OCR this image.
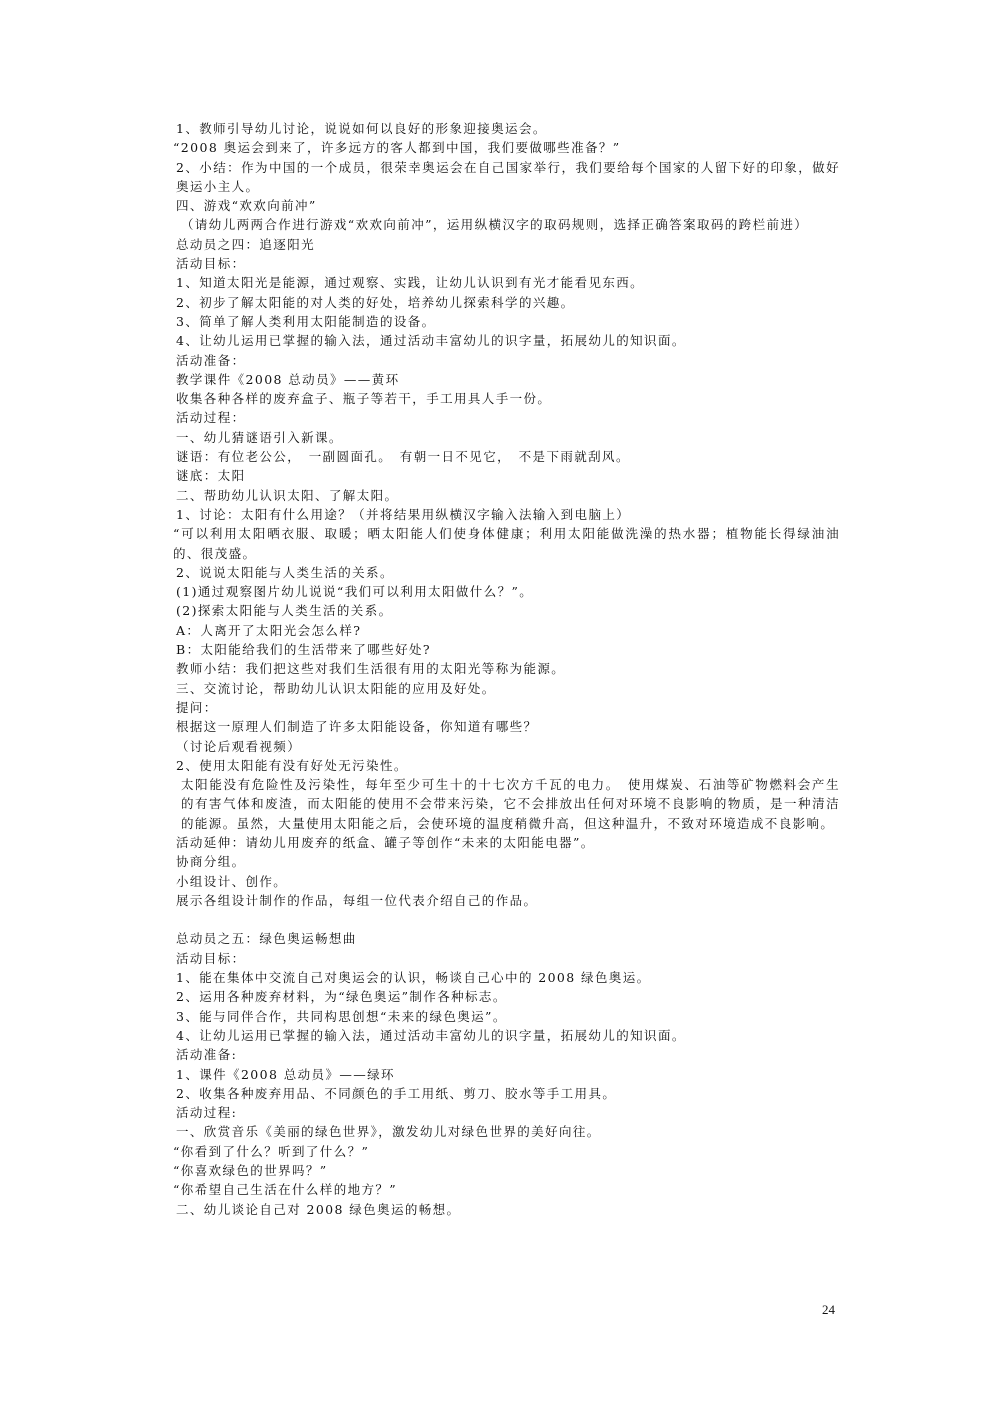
1、教师引导幼儿讨论，说说如何以良好的形象迎接奥运会。
“2008 奥运会到来了，许多远方的客人都到中国，我们要做哪些准备？”
2、小结：作为中国的一个成员，很荣幸奥运会在自己国家举行，我们要给每个国家的人留下好的印象，做好奥运小主人。
四、游戏“欢欢向前冲”
（请幼儿两两合作进行游戏“欢欢向前冲”，运用纵横汉字的取码规则，选择正确答案取码的跨栏前进）
总动员之四：追逐阳光
活动目标：
1、知道太阳光是能源，通过观察、实践，让幼儿认识到有光才能看见东西。
2、初步了解太阳能的对人类的好处，培养幼儿探索科学的兴趣。
3、简单了解人类利用太阳能制造的设备。
4、让幼儿运用已掌握的输入法，通过活动丰富幼儿的识字量，拓展幼儿的知识面。
活动准备：
教学课件《2008 总动员》——黄环
收集各种各样的废弃盒子、瓶子等若干，手工用具人手一份。
活动过程：
一、幼儿猜谜语引入新课。
谜语：有位老公公，　一副圆面孔。　有朝一日不见它，　不是下雨就刮风。
谜底：太阳
二、帮助幼儿认识太阳、了解太阳。
1、讨论：太阳有什么用途？（并将结果用纵横汉字输入法输入到电脑上）
“可以利用太阳晒衣服、取暖；晒太阳能人们使身体健康；利用太阳能做洗澡的热水器；植物能长得绿油油的、很茂盛。
2、说说太阳能与人类生活的关系。
(1)通过观察图片幼儿说说“我们可以利用太阳做什么？”。
(2)探索太阳能与人类生活的关系。
A：人离开了太阳光会怎么样?
B：太阳能给我们的生活带来了哪些好处?
教师小结：我们把这些对我们生活很有用的太阳光等称为能源。
三、交流讨论，帮助幼儿认识太阳能的应用及好处。
提问：
根据这一原理人们制造了许多太阳能设备，你知道有哪些？
（讨论后观看视频）
2、使用太阳能有没有好处无污染性。
太阳能没有危险性及污染性，每年至少可生十的十七次方千瓦的电力。　使用煤炭、石油等矿物燃料会产生的有害气体和废渣，而太阳能的使用不会带来污染，它不会排放出任何对环境不良影响的物质，是一种清洁的能源。虽然，大量使用太阳能之后，会使环境的温度稍微升高，但这种温升，不致对环境造成不良影响。
活动延伸：请幼儿用废弃的纸盒、罐子等创作“未来的太阳能电器”。
协商分组。
小组设计、创作。
展示各组设计制作的作品，每组一位代表介绍自己的作品。
总动员之五：绿色奥运畅想曲
活动目标：
1、能在集体中交流自己对奥运会的认识，畅谈自己心中的 2008 绿色奥运。
2、运用各种废弃材料，为“绿色奥运”制作各种标志。
3、能与同伴合作，共同构思创想“未来的绿色奥运”。
4、让幼儿运用已掌握的输入法，通过活动丰富幼儿的识字量，拓展幼儿的知识面。
活动准备:
1、课件《2008 总动员》——绿环
2、收集各种废弃用品、不同颜色的手工用纸、剪刀、胶水等手工用具。
活动过程:
一、欣赏音乐《美丽的绿色世界》，激发幼儿对绿色世界的美好向往。
“你看到了什么？听到了什么？”
“你喜欢绿色的世界吗？”
“你希望自己生活在什么样的地方？”
二、幼儿谈论自己对 2008 绿色奥运的畅想。
24
